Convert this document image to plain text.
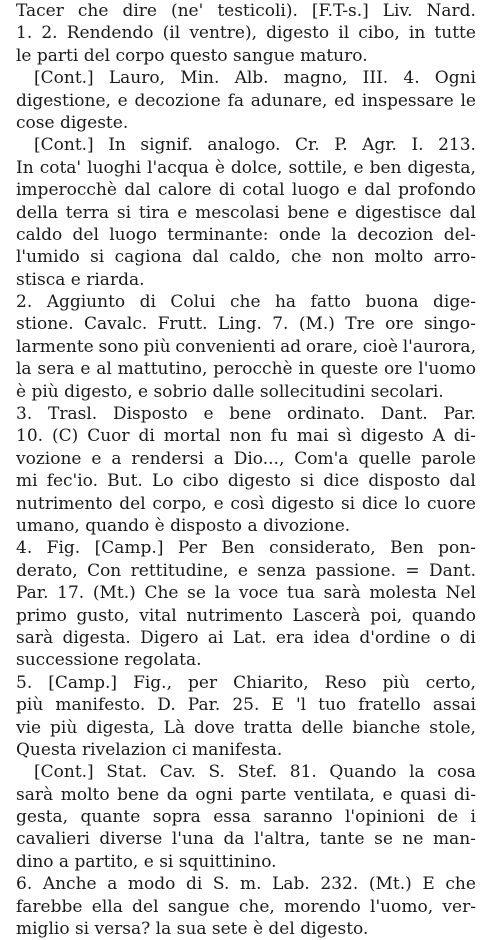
Tacer che dire (ne' testicoli). [F.T-s.] Liv. Nard.
1. 2. Rendendo (il ventre), digesto il cibo, in tutte
le parti del corpo questo sangue maturo.
[Cont.] Lauro, Min. Alb. magno, III. 4. Ogni
digestione, e decozione fa adunare, ed inspessare le
cose digeste.
[Cont.] In signif. analogo. Cr. P. Agr. I. 213.
In cota' luoghi l'acqua è dolce, sottile, e ben digesta,
imperocchè dal calore di cotal luogo e dal profondo
della terra si tira e mescolasi bene e digestisce dal
caldo del luogo terminante: onde la decozion del-
l'umido si cagiona dal caldo, che non molto arro-
stisca e riarda.
2. Aggiunto di Colui che ha fatto buona dige-
stione. Cavalc. Frutt. Ling. 7. (M.) Tre ore singo-
larmente sono più convenienti ad orare, cioè l'aurora,
la sera e al mattutino, perocchè in queste ore l'uomo
è più digesto, e sobrio dalle sollecitudini secolari.
3. Trasl. Disposto e bene ordinato. Dant. Par.
10. (C) Cuor di mortal non fu mai sì digesto A di-
vozione e a rendersi a Dio..., Com'a quelle parole
mi fec'io. But. Lo cibo digesto si dice disposto dal
nutrimento del corpo, e così digesto si dice lo cuore
umano, quando è disposto a divozione.
4. Fig. [Camp.] Per Ben considerato, Ben pon-
derato, Con rettitudine, e senza passione. = Dant.
Par. 17. (Mt.) Che se la voce tua sarà molesta Nel
primo gusto, vital nutrimento Lascerà poi, quando
sarà digesta. Digero ai Lat. era idea d'ordine o di
successione regolata.
5. [Camp.] Fig., per Chiarito, Reso più certo,
più manifesto. D. Par. 25. E 'l tuo fratello assai
vie più digesta, Là dove tratta delle bianche stole,
Questa rivelazion ci manifesta.
[Cont.] Stat. Cav. S. Stef. 81. Quando la cosa
sarà molto bene da ogni parte ventilata, e quasi di-
gesta, quante sopra essa saranno l'opinioni de i
cavalieri diverse l'una da l'altra, tante se ne man-
dino a partito, e si squittinino.
6. Anche a modo di S. m. Lab. 232. (Mt.) E che
farebbe ella del sangue che, morendo l'uomo, ver-
miglio si versa? la sua sete è del digesto.
